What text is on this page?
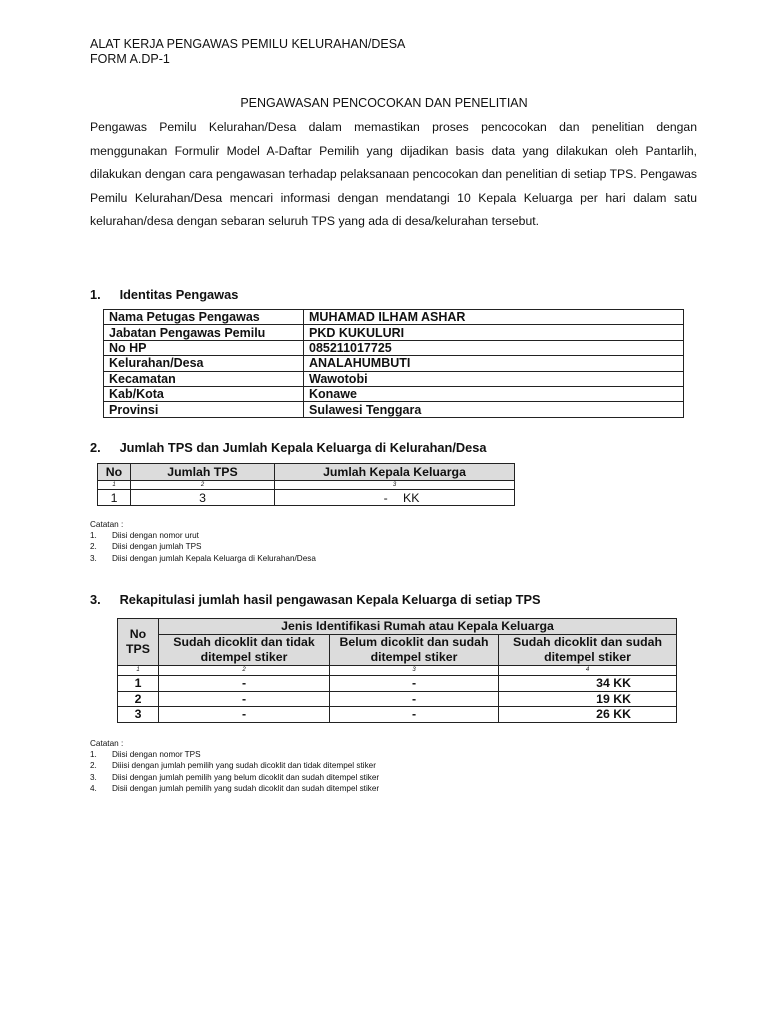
ALAT KERJA PENGAWAS PEMILU KELURAHAN/DESA
FORM A.DP-1
PENGAWASAN PENCOCOKAN DAN PENELITIAN

Pengawas Pemilu Kelurahan/Desa dalam memastikan proses pencocokan dan penelitian dengan menggunakan Formulir Model A-Daftar Pemilih yang dijadikan basis data yang dilakukan oleh Pantarlih, dilakukan dengan cara pengawasan terhadap pelaksanaan pencocokan dan penelitian di setiap TPS. Pengawas Pemilu Kelurahan/Desa mencari informasi dengan mendatangi 10 Kepala Keluarga per hari dalam satu kelurahan/desa dengan sebaran seluruh TPS yang ada di desa/kelurahan tersebut.

1. Identitas Pengawas
Nama Petugas Pengawas	MUHAMAD ILHAM ASHAR
Jabatan Pengawas Pemilu	PKD KUKULURI
No HP	085211017725
Kelurahan/Desa	ANALAHUMBUTI
Kecamatan	Wawotobi
Kab/Kota	Konawe
Provinsi	Sulawesi Tenggara
2. Jumlah TPS dan Jumlah Kepala Keluarga di Kelurahan/Desa
No	Jumlah TPS	Jumlah Kepala Keluarga
1	2	3
1	3	- KK
Catatan :
1. Diisi dengan nomor urut
2. Diisi dengan jumlah TPS
3. Diisi dengan jumlah Kepala Keluarga di Kelurahan/Desa
3. Rekapitulasi jumlah hasil pengawasan Kepala Keluarga di setiap TPS
No TPS	Jenis Identifikasi Rumah atau Kepala Keluarga		
	Sudah dicoklit dan tidak ditempel stiker	Belum dicoklit dan sudah ditempel stiker	Sudah dicoklit dan sudah ditempel stiker
1	2	3	4
1	-	-	34 KK
2	-	-	19 KK
3	-	-	26 KK
Catatan :
1. Diisi dengan nomor TPS
2. Diiisi dengan jumlah pemilih yang sudah dicoklit dan tidak ditempel stiker
3. Diisi dengan jumlah pemilih yang belum dicoklit dan sudah ditempel stiker
4. Disii dengan jumlah pemilih yang sudah dicoklit dan sudah ditempel stiker
